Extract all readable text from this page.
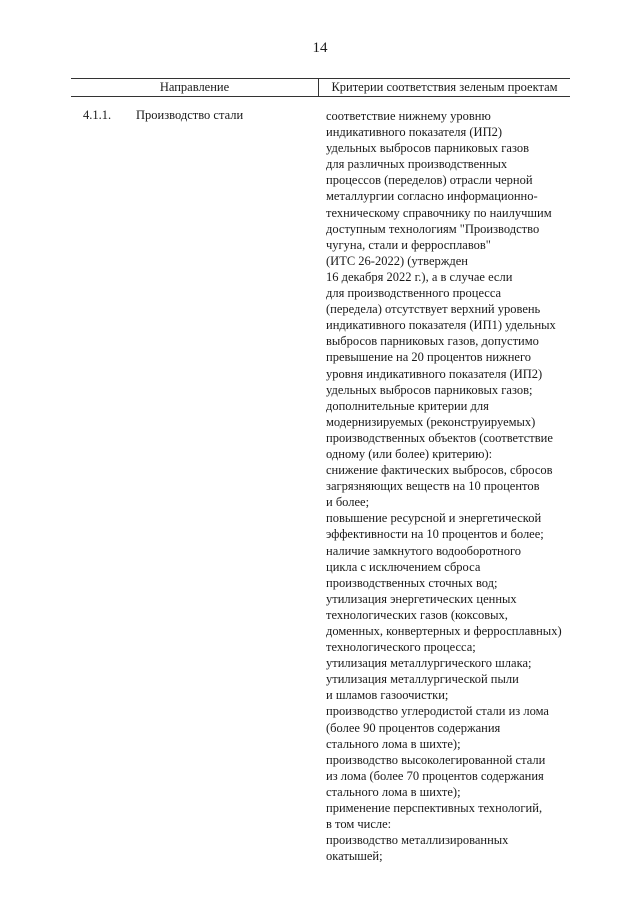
14
Направление	Критерии соответствия зеленым проектам
4.1.1. Производство стали	соответствие нижнему уровню
индикативного показателя (ИП2)
удельных выбросов парниковых газов
для различных производственных
процессов (переделов) отрасли черной
металлургии согласно информационно-
техническому справочнику по наилучшим
доступным технологиям "Производство
чугуна, стали и ферросплавов"
(ИТС 26-2022) (утвержден
16 декабря 2022 г.), а в случае если
для производственного процесса
(передела) отсутствует верхний уровень
индикативного показателя (ИП1) удельных
выбросов парниковых газов, допустимо
превышение на 20 процентов нижнего
уровня индикативного показателя (ИП2)
удельных выбросов парниковых газов;
дополнительные критерии для
модернизируемых (реконструируемых)
производственных объектов (соответствие
одному (или более) критерию):
снижение фактических выбросов, сбросов
загрязняющих веществ на 10 процентов
и более;
повышение ресурсной и энергетической
эффективности на 10 процентов и более;
наличие замкнутого водооборотного
цикла с исключением сброса
производственных сточных вод;
утилизация энергетических ценных
технологических газов (коксовых,
доменных, конвертерных и ферросплавных)
технологического процесса;
утилизация металлургического шлака;
утилизация металлургической пыли
и шламов газоочистки;
производство углеродистой стали из лома
(более 90 процентов содержания
стального лома в шихте);
производство высоколегированной стали
из лома (более 70 процентов содержания
стального лома в шихте);
применение перспективных технологий,
в том числе:
производство металлизированных
окатышей;
